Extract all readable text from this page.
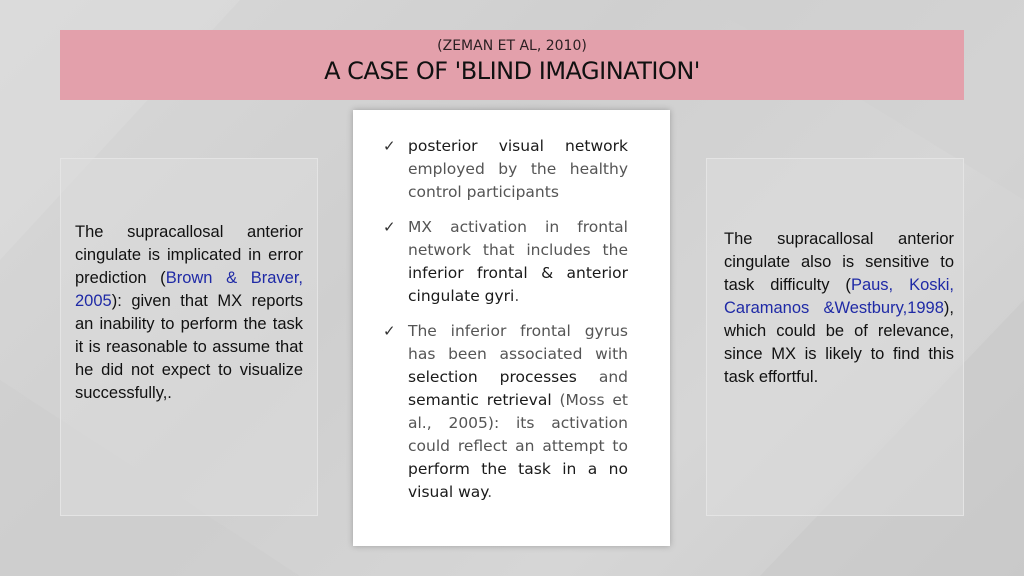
(ZEMAN ET AL, 2010)
A CASE OF 'BLIND IMAGINATION'
The supracallosal anterior cingulate is implicated in error prediction (Brown & Braver, 2005): given that MX reports an inability to perform the task it is reasonable to assume that he did not expect to visualize successfully,.
✓ posterior visual network employed by the healthy control participants
✓ MX activation in frontal network that includes the inferior frontal & anterior cingulate gyri.
✓ The inferior frontal gyrus has been associated with selection processes and semantic retrieval (Moss et al., 2005): its activation could reflect an attempt to perform the task in a no visual way.
The supracallosal anterior cingulate also is sensitive to task difficulty (Paus, Koski, Caramanos &Westbury,1998), which could be of relevance, since MX is likely to find this task effortful.
